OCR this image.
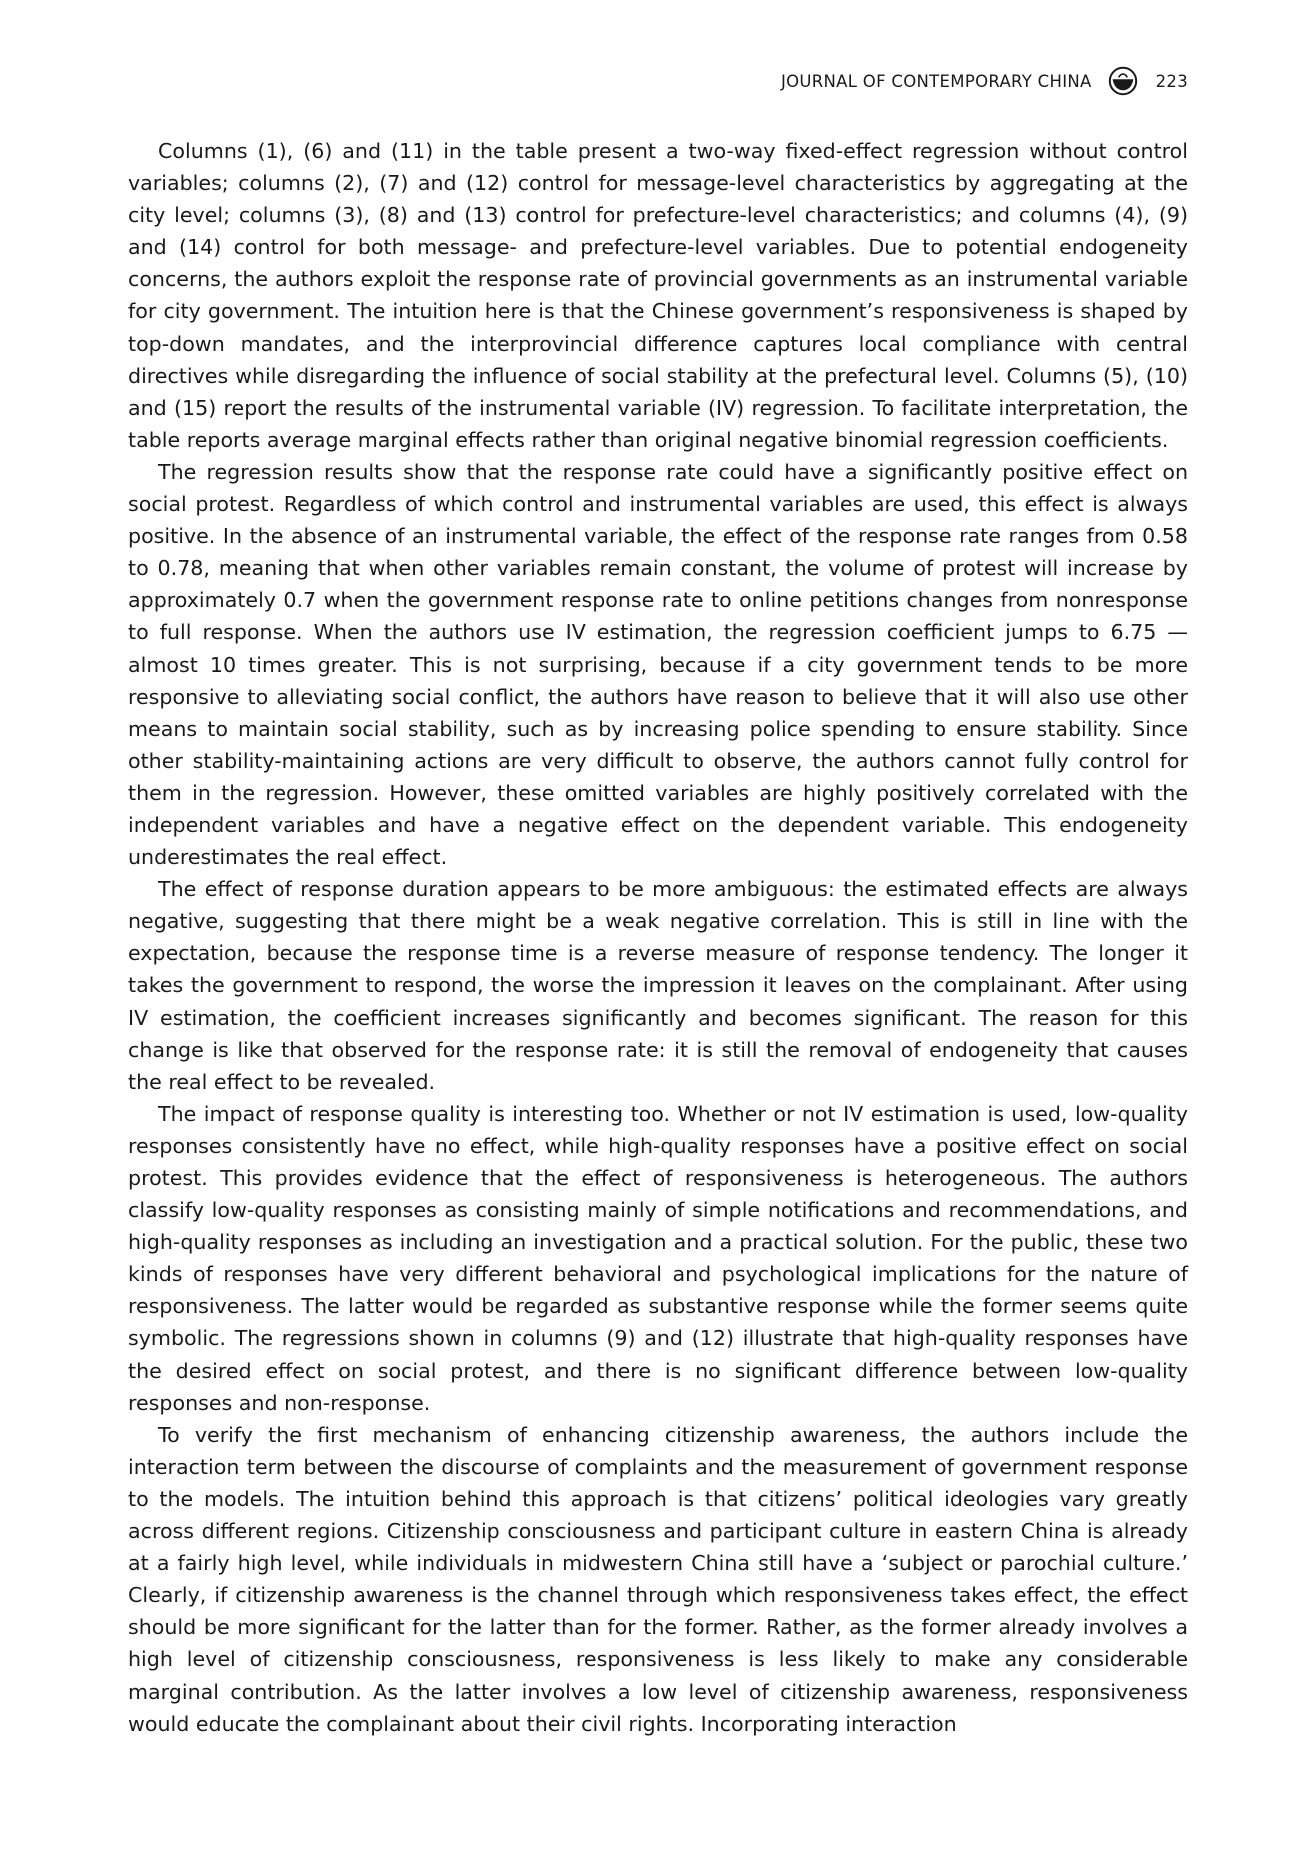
JOURNAL OF CONTEMPORARY CHINA	223

Columns (1), (6) and (11) in the table present a two-way fixed-effect regression without control variables; columns (2), (7) and (12) control for message-level characteristics by aggregating at the city level; columns (3), (8) and (13) control for prefecture-level characteristics; and columns (4), (9) and (14) control for both message- and prefecture-level variables. Due to potential endogeneity concerns, the authors exploit the response rate of provincial governments as an instrumental variable for city government. The intuition here is that the Chinese government’s responsiveness is shaped by top-down mandates, and the interprovincial difference captures local compliance with central directives while disregarding the influence of social stability at the prefectural level. Columns (5), (10) and (15) report the results of the instrumental variable (IV) regression. To facilitate interpretation, the table reports average marginal effects rather than original negative binomial regression coefficients.

The regression results show that the response rate could have a significantly positive effect on social protest. Regardless of which control and instrumental variables are used, this effect is always positive. In the absence of an instrumental variable, the effect of the response rate ranges from 0.58 to 0.78, meaning that when other variables remain constant, the volume of protest will increase by approximately 0.7 when the government response rate to online petitions changes from nonresponse to full response. When the authors use IV estimation, the regression coefficient jumps to 6.75 —almost 10 times greater. This is not surprising, because if a city government tends to be more responsive to alleviating social conflict, the authors have reason to believe that it will also use other means to maintain social stability, such as by increasing police spending to ensure stability. Since other stability-maintaining actions are very difficult to observe, the authors cannot fully control for them in the regression. However, these omitted variables are highly positively correlated with the independent variables and have a negative effect on the dependent variable. This endogeneity underestimates the real effect.

The effect of response duration appears to be more ambiguous: the estimated effects are always negative, suggesting that there might be a weak negative correlation. This is still in line with the expectation, because the response time is a reverse measure of response tendency. The longer it takes the government to respond, the worse the impression it leaves on the complainant. After using IV estimation, the coefficient increases significantly and becomes significant. The reason for this change is like that observed for the response rate: it is still the removal of endogeneity that causes the real effect to be revealed.

The impact of response quality is interesting too. Whether or not IV estimation is used, low-quality responses consistently have no effect, while high-quality responses have a positive effect on social protest. This provides evidence that the effect of responsiveness is heterogeneous. The authors classify low-quality responses as consisting mainly of simple notifications and recommendations, and high-quality responses as including an investigation and a practical solution. For the public, these two kinds of responses have very different behavioral and psychological implications for the nature of responsiveness. The latter would be regarded as substantive response while the former seems quite symbolic. The regressions shown in columns (9) and (12) illustrate that high-quality responses have the desired effect on social protest, and there is no significant difference between low-quality responses and non-response.

To verify the first mechanism of enhancing citizenship awareness, the authors include the interaction term between the discourse of complaints and the measurement of government response to the models. The intuition behind this approach is that citizens’ political ideologies vary greatly across different regions. Citizenship consciousness and participant culture in eastern China is already at a fairly high level, while individuals in midwestern China still have a ‘subject or parochial culture.’ Clearly, if citizenship awareness is the channel through which responsiveness takes effect, the effect should be more significant for the latter than for the former. Rather, as the former already involves a high level of citizenship consciousness, responsiveness is less likely to make any considerable marginal contribution. As the latter involves a low level of citizenship awareness, responsiveness would educate the complainant about their civil rights. Incorporating interaction
